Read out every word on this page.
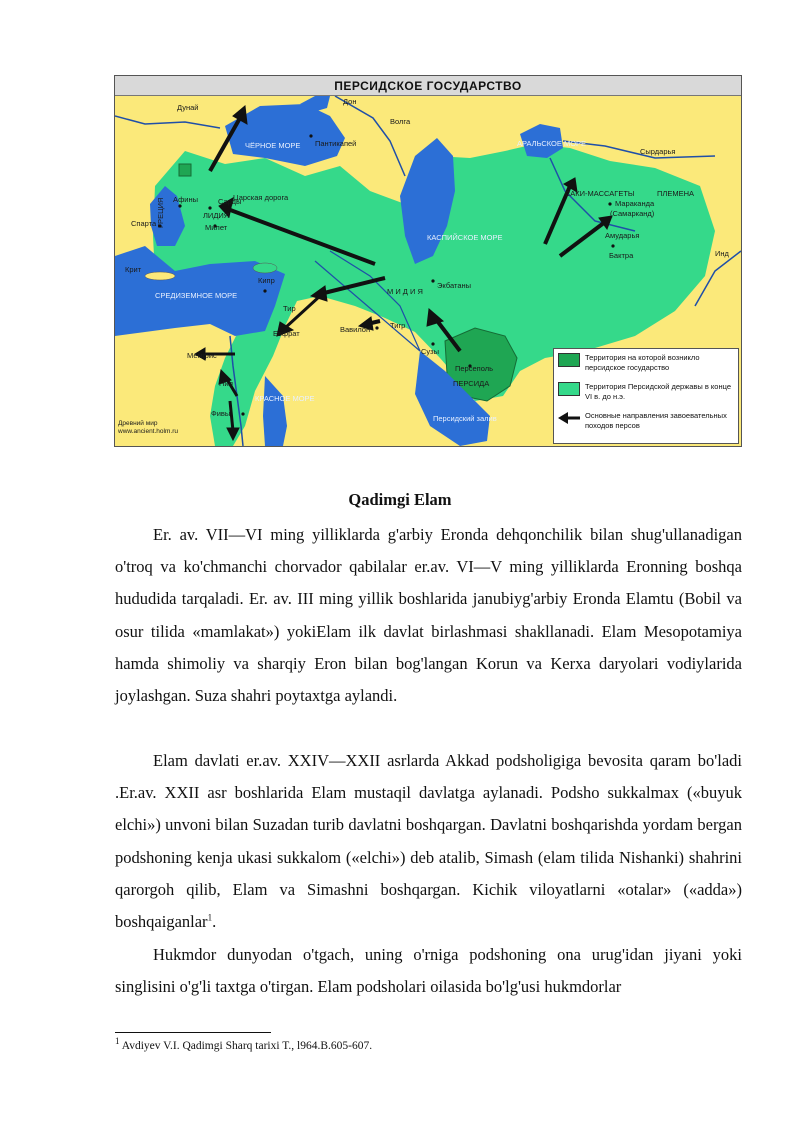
ПЕРСИДСКОЕ ГОСУДАРСТВО
Дунай
Дон
Волга
Пантикапей	АРАЛЬСКОЕ МОРЕ
Сырдарья
ГРЕЦИЯ Афины	Сарды
Царская дорога
ЛИДИЯ
Милет
Спарта
ЧЁРНОЕ МОРЕ
КАСПИЙСКОЕ МОРЕ
САКИ-МАССАГЕТЫ	ПЛЕМЕНА
Мараканда
(Самарканд)
Амударья
Инд
Бактра
СРЕДИЗЕМНОЕ МОРЕ
Крит
Кипр
М И Д И Я
Экбатаны
Тир
Вавилон	Тигр
Евфрат
Сузы
Персеполь
ПЕРСИДА
Мемфис
Нил
КРАСНОЕ МОРЕ
Фивы
Персидский залив
Территория на которой возникло персидское государство
Территория Персидской державы в конце VI в. до н.э.
Основные направления завоевательных походов персов
Древний мир
www.ancient.holm.ru
Qadimgi Elam

Er. av. VII—VI ming yilliklarda g'arbiy Eronda dehqonchilik bilan shug'ullanadigan o'troq va ko'chmanchi chorvador qabilalar er.av. VI—V ming yilliklarda Eronning boshqa hududida tarqaladi. Er. av. III ming yillik boshlarida janubiyg'arbiy Eronda Elamtu (Bobil va osur tilida «mamlakat») yokiElam ilk davlat birlashmasi shakllanadi. Elam Mesopotamiya hamda shimoliy va sharqiy Eron bilan bog'langan Korun va Kerxa daryolari vodiylarida joylashgan. Suza shahri poytaxtga aylandi.

Elam davlati er.av. XXIV—XXII asrlarda Akkad podsholigiga bevosita qaram bo'ladi .Er.av. XXII asr boshlarida Elam mustaqil davlatga aylanadi. Podsho sukkalmax («buyuk elchi») unvoni bilan Suzadan turib davlatni boshqargan. Davlatni boshqarishda yordam bergan podshoning kenja ukasi sukkalom («elchi») deb atalib, Simash (elam tilida Nishanki) shahrini qarorgoh qilib, Elam va Simashni boshqargan. Kichik viloyatlarni «otalar» («adda») boshqaiganlar$^1$.

Hukmdor dunyodan o'tgach, uning o'rniga podshoning ona urug'idan jiyani yoki singlisini o'g'li taxtga o'tirgan. Elam podsholari oilasida bo'lg'usi hukmdorlar

$^1$ Avdiyev V.I. Qadimgi Sharq tarixi T., l964.B.605-607.
